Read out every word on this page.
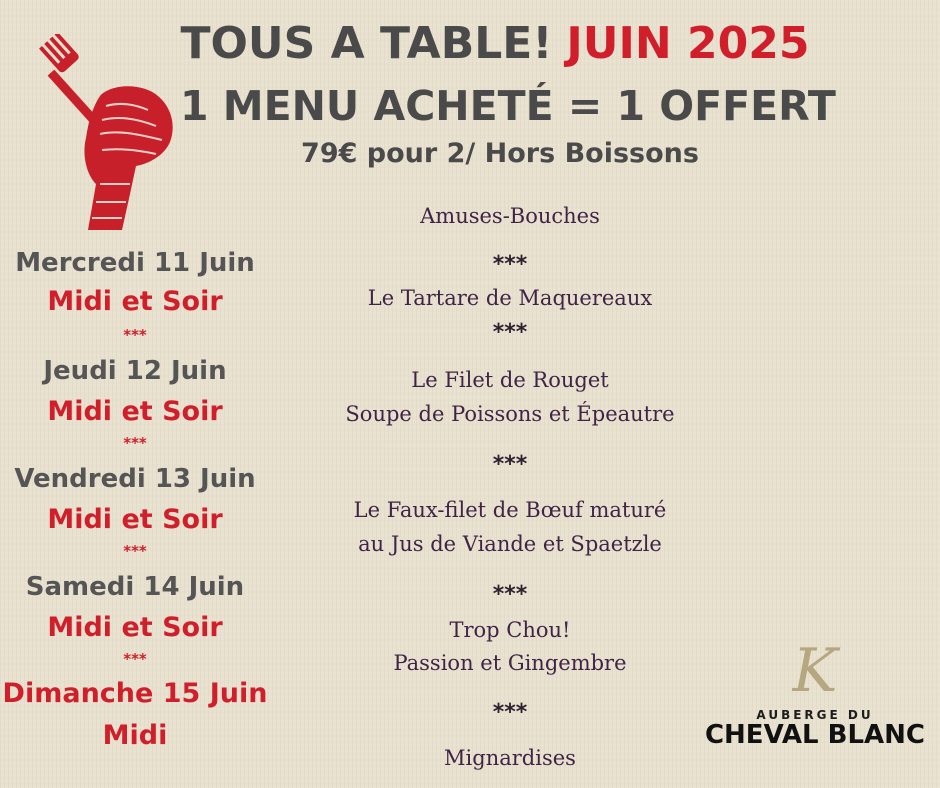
TOUS A TABLE! JUIN 2025
1 MENU ACHETÉ = 1 OFFERT
79€ pour 2/ Hors Boissons
Mercredi 11 Juin
Midi et Soir
***
Jeudi 12 Juin
Midi et Soir
***
Vendredi 13 Juin
Midi et Soir
***
Samedi 14 Juin
Midi et Soir
***
Dimanche 15 Juin
Midi
Amuses-Bouches
***
Le Tartare de Maquereaux
***
Le Filet de Rouget
Soupe de Poissons et Épeautre
***
Le Faux-filet de Bœuf maturé
au Jus de Viande et Spaetzle
***
Trop Chou!
Passion et Gingembre
***
Mignardises
K
AUBERGE DU
CHEVAL BLANC
